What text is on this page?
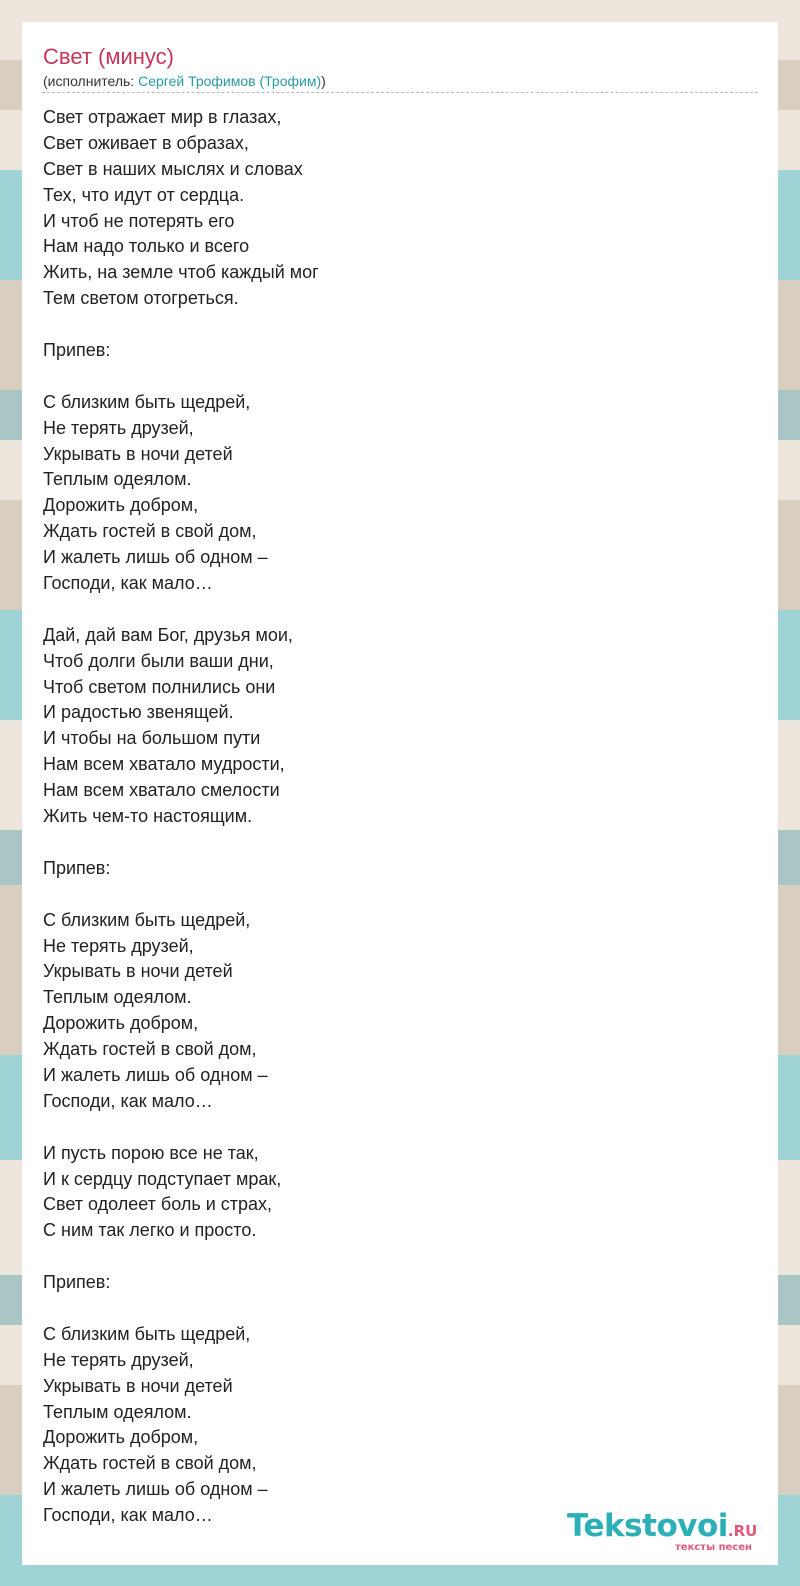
Свет (минус)
(исполнитель: Сергей Трофимов (Трофим))
Свет отражает мир в глазах,
Свет оживает в образах,
Свет в наших мыслях и словах
Тех, что идут от сердца.
И чтоб не потерять его
Нам надо только и всего
Жить, на земле чтоб каждый мог
Тем светом отогреться.
Припев:
С близким быть щедрей,
Не терять друзей,
Укрывать в ночи детей
Теплым одеялом.
Дорожить добром,
Ждать гостей в свой дом,
И жалеть лишь об одном –
Господи, как мало…
Дай, дай вам Бог, друзья мои,
Чтоб долги были ваши дни,
Чтоб светом полнились они
И радостью звенящей.
И чтобы на большом пути
Нам всем хватало мудрости,
Нам всем хватало смелости
Жить чем-то настоящим.
Припев:
С близким быть щедрей,
Не терять друзей,
Укрывать в ночи детей
Теплым одеялом.
Дорожить добром,
Ждать гостей в свой дом,
И жалеть лишь об одном –
Господи, как мало…
И пусть порою все не так,
И к сердцу подступает мрак,
Свет одолеет боль и страх,
С ним так легко и просто.
Припев:
С близким быть щедрей,
Не терять друзей,
Укрывать в ночи детей
Теплым одеялом.
Дорожить добром,
Ждать гостей в свой дом,
И жалеть лишь об одном –
Господи, как мало…	Tekstovoi.RU
тексты песен
